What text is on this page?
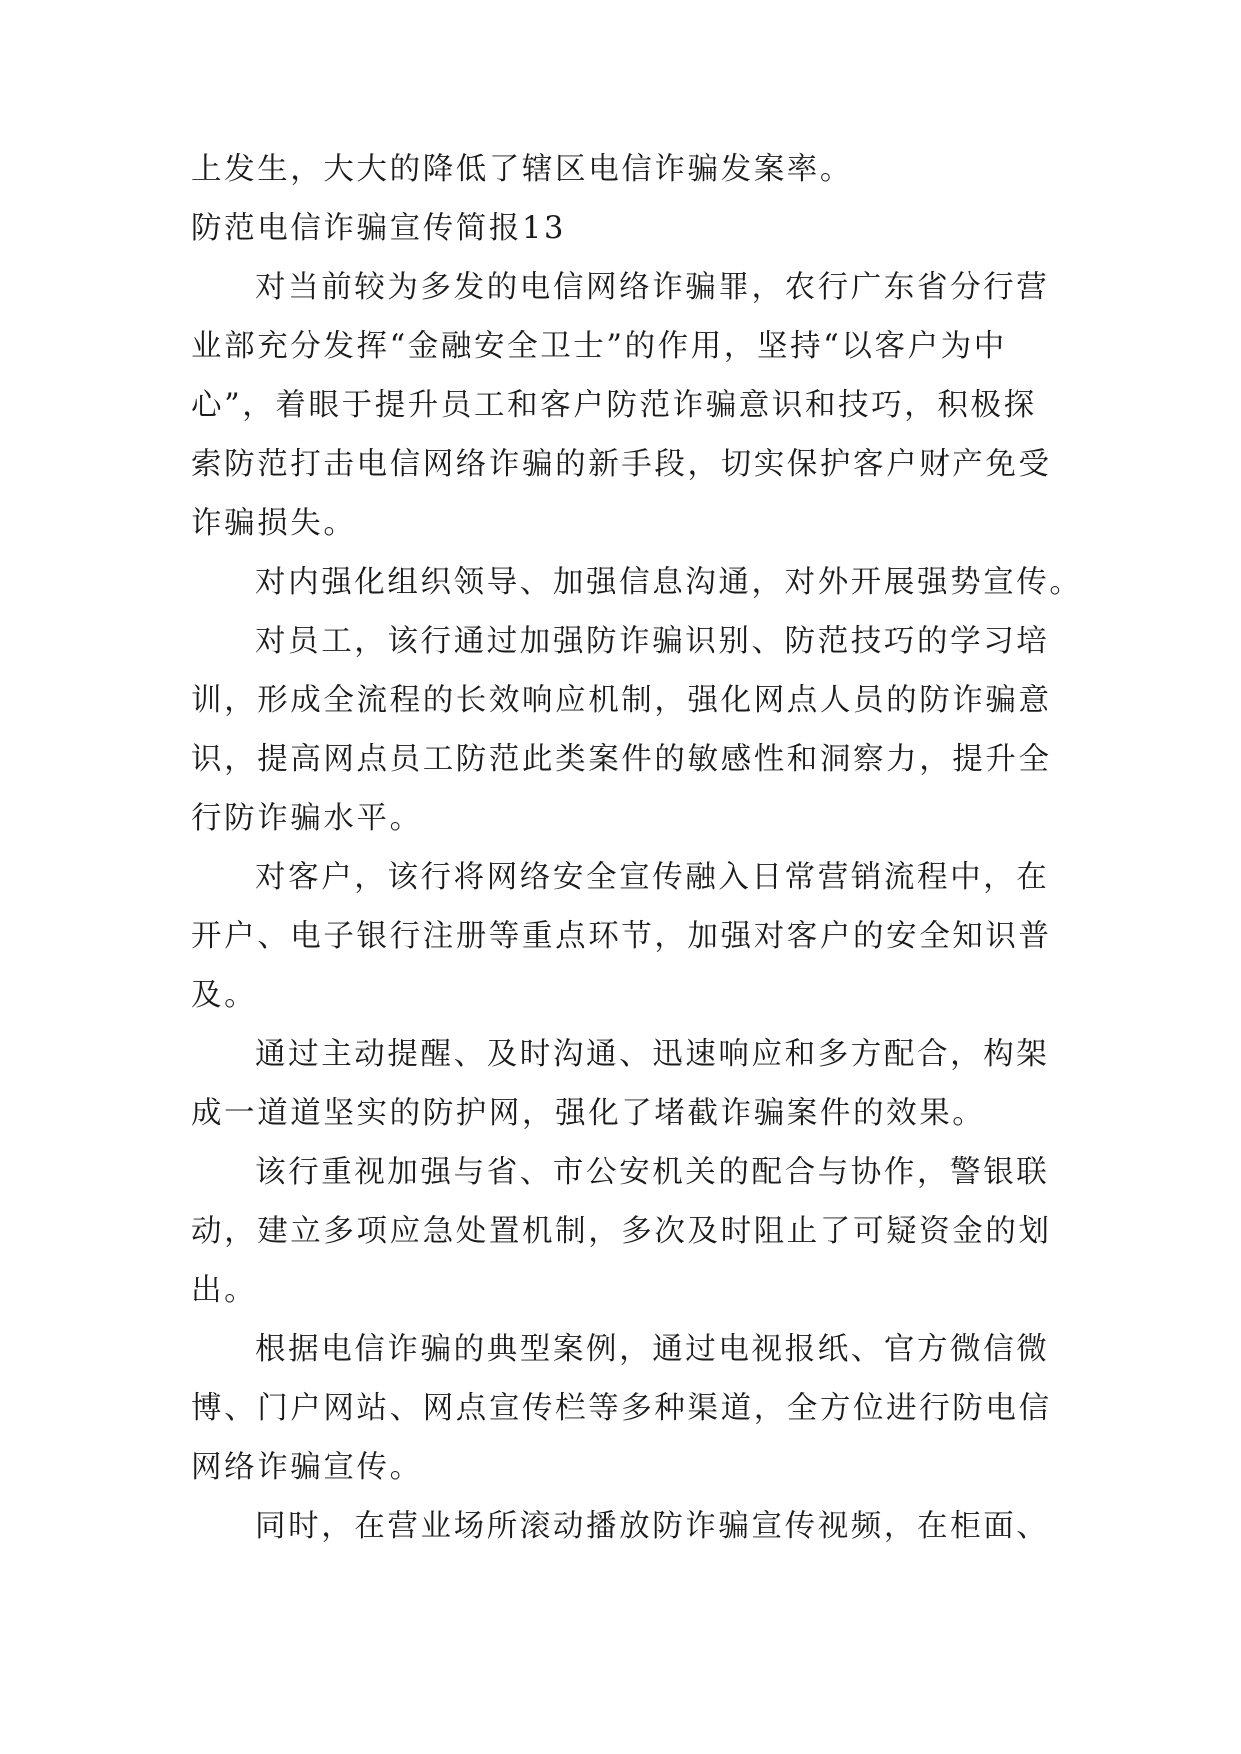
上发生，大大的降低了辖区电信诈骗发案率。
防范电信诈骗宣传简报13
对当前较为多发的电信网络诈骗罪，农行广东省分行营
业部充分发挥“金融安全卫士”的作用，坚持“以客户为中
心”，着眼于提升员工和客户防范诈骗意识和技巧，积极探
索防范打击电信网络诈骗的新手段，切实保护客户财产免受
诈骗损失。
对内强化组织领导、加强信息沟通，对外开展强势宣传。
对员工，该行通过加强防诈骗识别、防范技巧的学习培
训，形成全流程的长效响应机制，强化网点人员的防诈骗意
识，提高网点员工防范此类案件的敏感性和洞察力，提升全
行防诈骗水平。
对客户，该行将网络安全宣传融入日常营销流程中，在
开户、电子银行注册等重点环节，加强对客户的安全知识普
及。
通过主动提醒、及时沟通、迅速响应和多方配合，构架
成一道道坚实的防护网，强化了堵截诈骗案件的效果。
该行重视加强与省、市公安机关的配合与协作，警银联
动，建立多项应急处置机制，多次及时阻止了可疑资金的划
出。
根据电信诈骗的典型案例，通过电视报纸、官方微信微
博、门户网站、网点宣传栏等多种渠道，全方位进行防电信
网络诈骗宣传。
同时，在营业场所滚动播放防诈骗宣传视频，在柜面、
